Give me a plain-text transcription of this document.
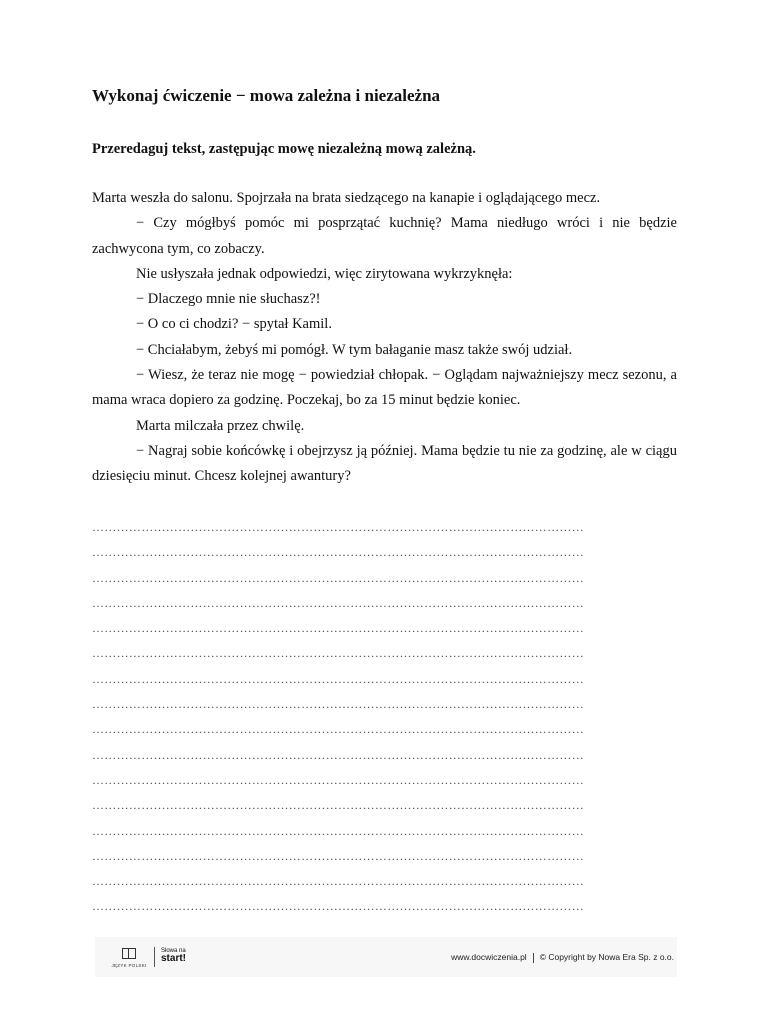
Wykonaj ćwiczenie − mowa zależna i niezależna
Przeredaguj tekst, zastępując mowę niezależną mową zależną.

Marta weszła do salonu. Spojrzała na brata siedzącego na kanapie i oglądającego mecz.

− Czy mógłbyś pomóc mi posprzątać kuchnię? Mama niedługo wróci i nie będzie zachwycona tym, co zobaczy.

Nie usłyszała jednak odpowiedzi, więc zirytowana wykrzyknęła:

− Dlaczego mnie nie słuchasz?!

− O co ci chodzi? − spytał Kamil.

− Chciałabym, żebyś mi pomógł. W tym bałaganie masz także swój udział.

− Wiesz, że teraz nie mogę − powiedział chłopak. − Oglądam najważniejszy mecz sezonu, a mama wraca dopiero za godzinę. Poczekaj, bo za 15 minut będzie koniec.

Marta milczała przez chwilę.

− Nagraj sobie końcówkę i obejrzysz ją później. Mama będzie tu nie za godzinę, ale w ciągu dziesięciu minut. Chcesz kolejnej awantury?

…………………………………………………………………………………………………………
…………………………………………………………………………………………………………
…………………………………………………………………………………………………………
…………………………………………………………………………………………………………
…………………………………………………………………………………………………………
…………………………………………………………………………………………………………
…………………………………………………………………………………………………………
…………………………………………………………………………………………………………
…………………………………………………………………………………………………………
…………………………………………………………………………………………………………
…………………………………………………………………………………………………………
…………………………………………………………………………………………………………
…………………………………………………………………………………………………………
…………………………………………………………………………………………………………
…………………………………………………………………………………………………………
…………………………………………………………………………………………………………
JĘZYK POLSKI
Słowa na
start!	www.docwiczenia.pl © Copyright by Nowa Era Sp. z o.o.
